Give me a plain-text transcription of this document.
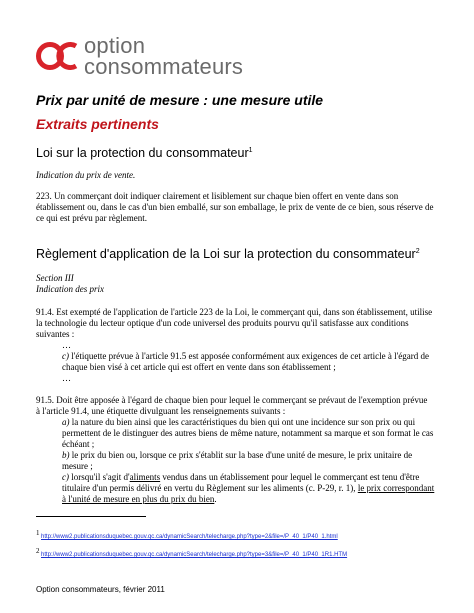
option
consommateurs
Prix par unité de mesure : une mesure utile
Extraits pertinents
Loi sur la protection du consommateur$^1$
Indication du prix de vente.
223. Un commerçant doit indiquer clairement et lisiblement sur chaque bien offert en vente dans son
établissement ou, dans le cas d'un bien emballé, sur son emballage, le prix de vente de ce bien, sous réserve de
ce qui est prévu par règlement.
Règlement d'application de la Loi sur la protection du consommateur$^2$
Section III
Indication des prix
91.4. Est exempté de l'application de l'article 223 de la Loi, le commerçant qui, dans son établissement, utilise
la technologie du lecteur optique d'un code universel des produits pourvu qu'il satisfasse aux conditions
suivantes :
…
c) l'étiquette prévue à l'article 91.5 est apposée conformément aux exigences de cet article à l'égard de
chaque bien visé à cet article qui est offert en vente dans son établissement ;
…
91.5. Doit être apposée à l'égard de chaque bien pour lequel le commerçant se prévaut de l'exemption prévue
à l'article 91.4, une étiquette divulguant les renseignements suivants :
a) la nature du bien ainsi que les caractéristiques du bien qui ont une incidence sur son prix ou qui
permettent de le distinguer des autres biens de même nature, notamment sa marque et son format le cas
échéant ;
b) le prix du bien ou, lorsque ce prix s'établit sur la base d'une unité de mesure, le prix unitaire de
mesure ;
c) lorsqu'il s'agit d'aliments vendus dans un établissement pour lequel le commerçant est tenu d'être
titulaire d'un permis délivré en vertu du Règlement sur les aliments (c. P-29, r. 1), le prix correspondant
à l'unité de mesure en plus du prix du bien.
$^1$ http://www2.publicationsduquebec.gouv.qc.ca/dynamicSearch/telecharge.php?type=2&file=/P_40_1/P40_1.html
$^2$ http://www2.publicationsduquebec.gouv.qc.ca/dynamicSearch/telecharge.php?type=3&file=/P_40_1/P40_1R1.HTM
Option consommateurs, février 2011
